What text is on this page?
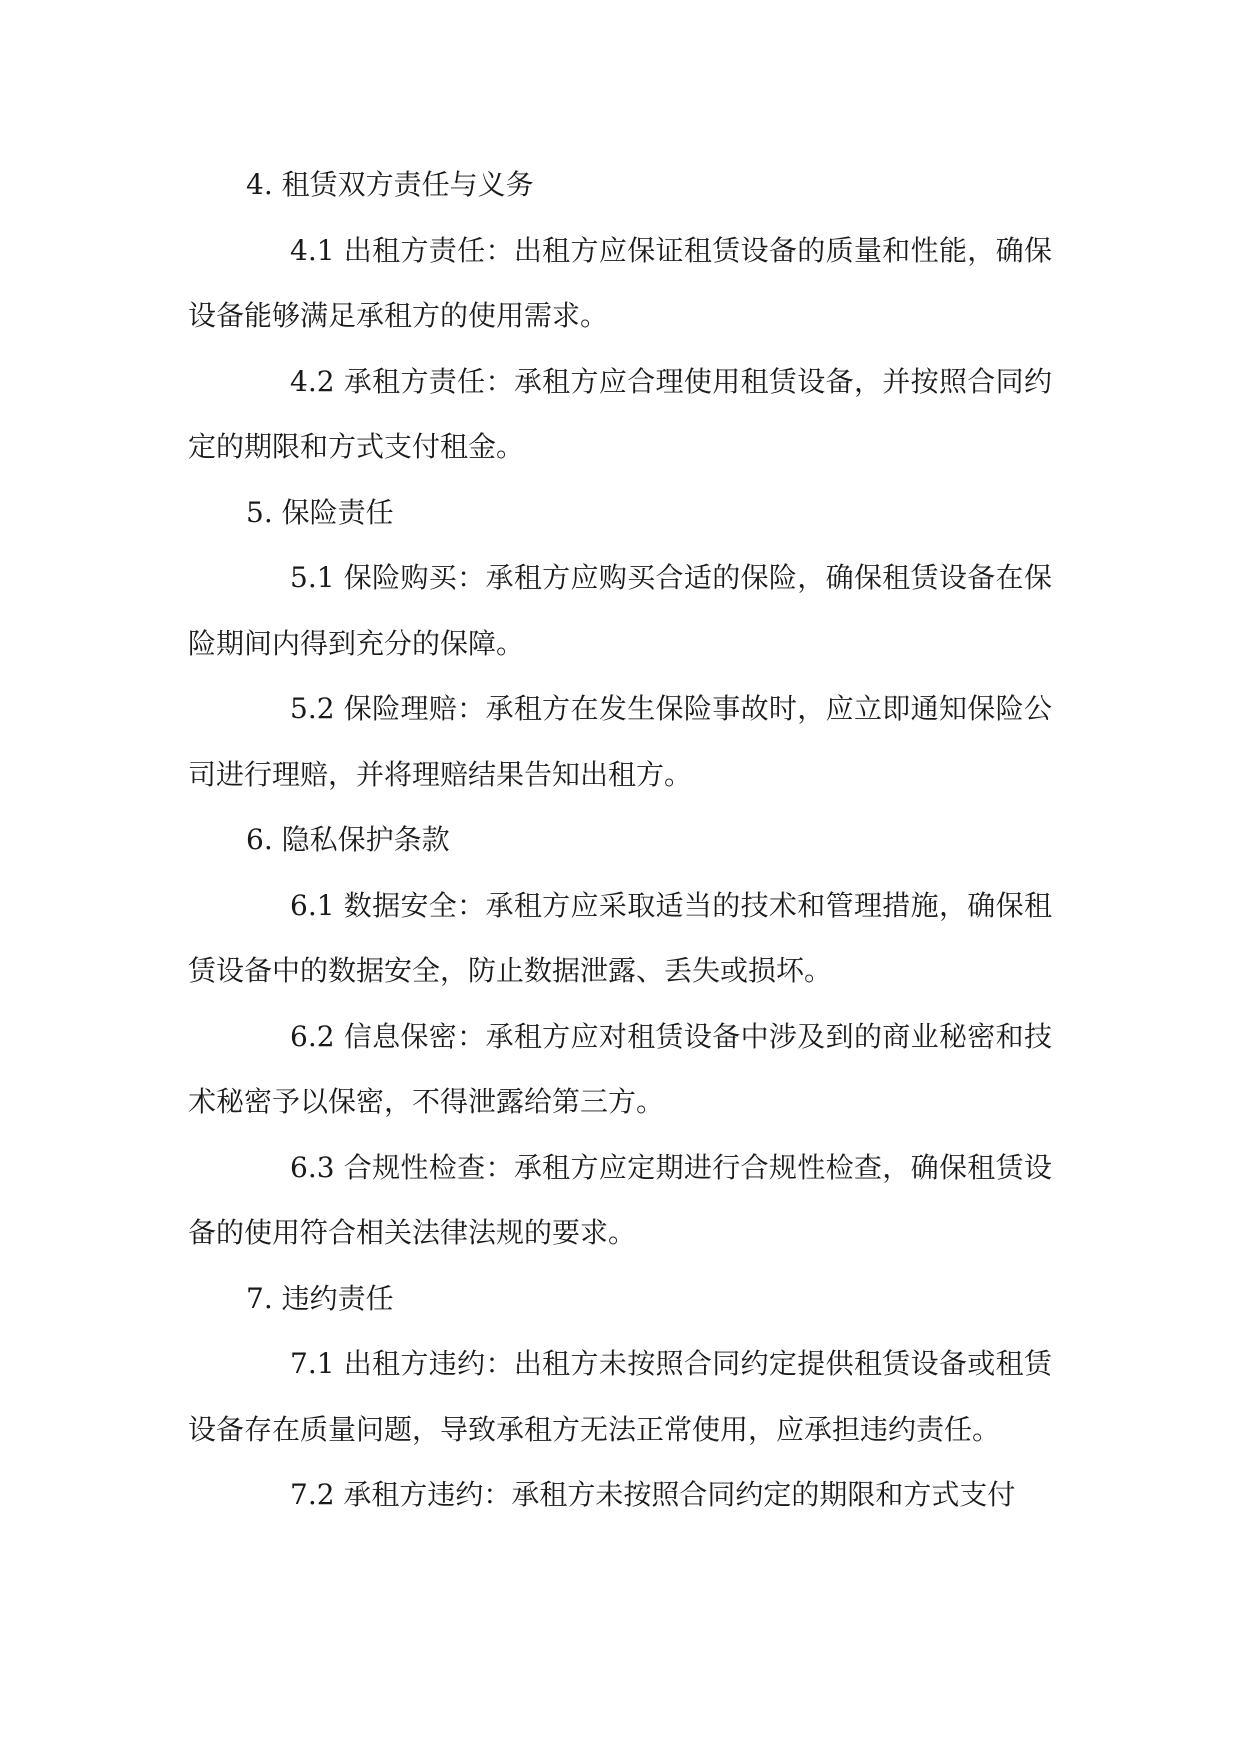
4. 租赁双方责任与义务

4.1 出租方责任：出租方应保证租赁设备的质量和性能，确保设备能够满足承租方的使用需求。

4.2 承租方责任：承租方应合理使用租赁设备，并按照合同约定的期限和方式支付租金。

5. 保险责任

5.1 保险购买：承租方应购买合适的保险，确保租赁设备在保险期间内得到充分的保障。

5.2 保险理赔：承租方在发生保险事故时，应立即通知保险公司进行理赔，并将理赔结果告知出租方。

6. 隐私保护条款

6.1 数据安全：承租方应采取适当的技术和管理措施，确保租赁设备中的数据安全，防止数据泄露、丢失或损坏。

6.2 信息保密：承租方应对租赁设备中涉及到的商业秘密和技术秘密予以保密，不得泄露给第三方。

6.3 合规性检查：承租方应定期进行合规性检查，确保租赁设备的使用符合相关法律法规的要求。

7. 违约责任

7.1 出租方违约：出租方未按照合同约定提供租赁设备或租赁设备存在质量问题，导致承租方无法正常使用，应承担违约责任。

7.2 承租方违约：承租方未按照合同约定的期限和方式支付
